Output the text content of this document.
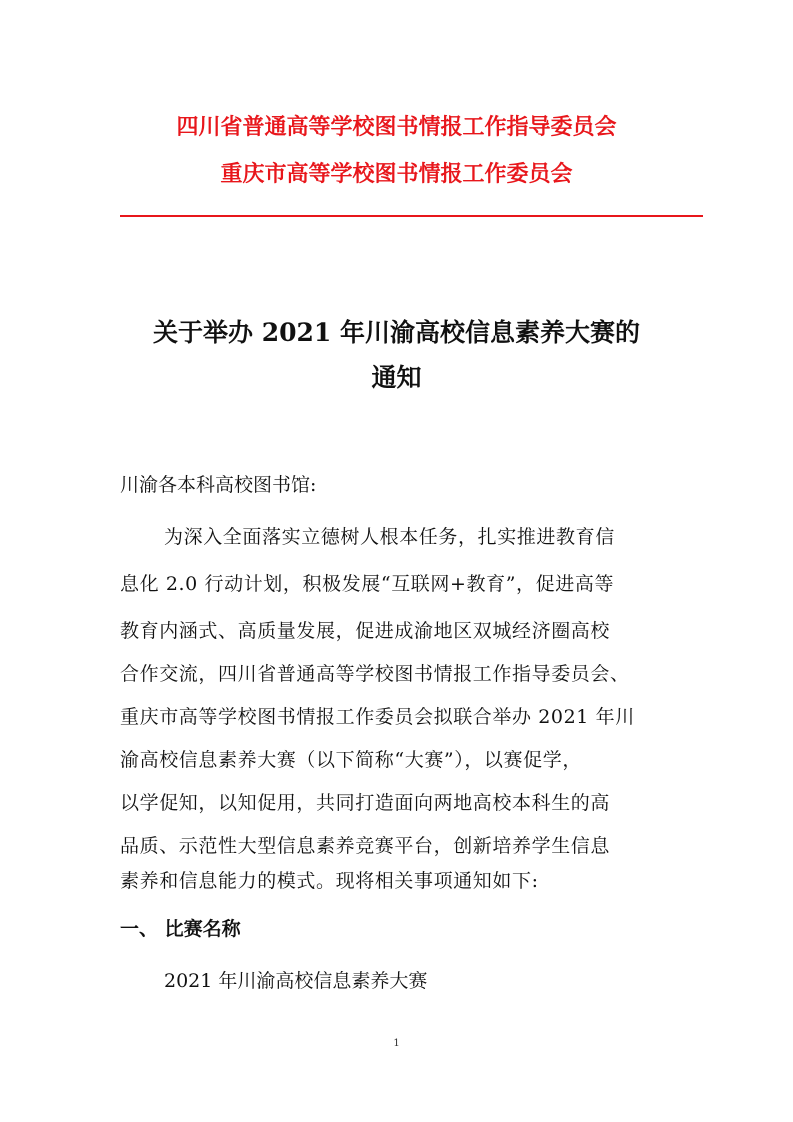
四川省普通高等学校图书情报工作指导委员会
重庆市高等学校图书情报工作委员会
关于举办 2021 年川渝高校信息素养大赛的
通知
川渝各本科高校图书馆:
为深入全面落实立德树人根本任务，扎实推进教育信
息化 2.0 行动计划，积极发展“互联网+教育”，促进高等
教育内涵式、高质量发展，促进成渝地区双城经济圈高校
合作交流，四川省普通高等学校图书情报工作指导委员会、
重庆市高等学校图书情报工作委员会拟联合举办 2021 年川
渝高校信息素养大赛（以下简称“大赛”），以赛促学，
以学促知，以知促用，共同打造面向两地高校本科生的高
品质、示范性大型信息素养竞赛平台，创新培养学生信息
素养和信息能力的模式。现将相关事项通知如下:
一、 比赛名称
2021 年川渝高校信息素养大赛
1
